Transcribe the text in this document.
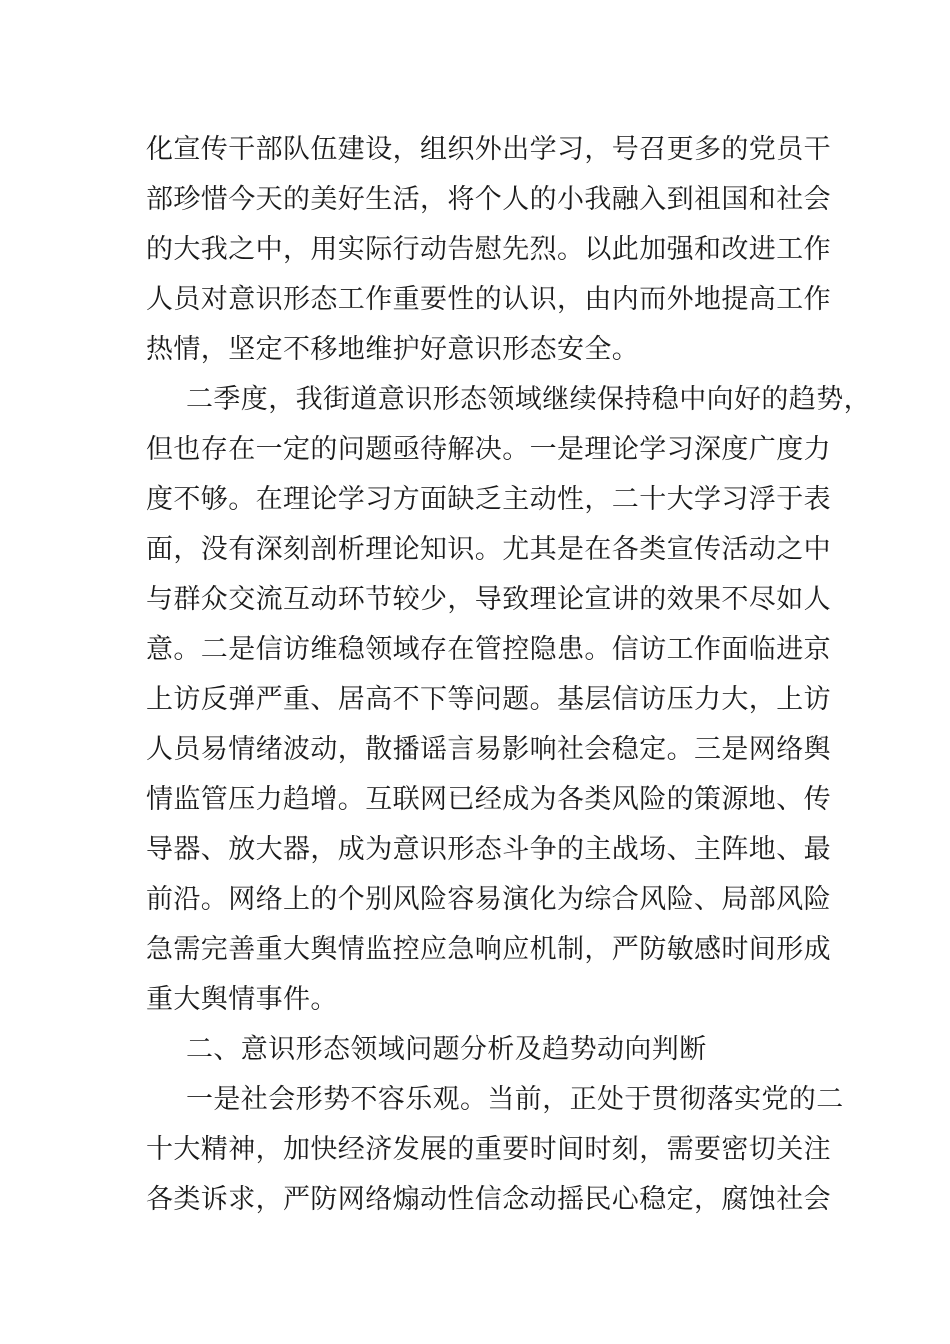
化宣传干部队伍建设，组织外出学习，号召更多的党员干
部珍惜今天的美好生活，将个人的小我融入到祖国和社会
的大我之中，用实际行动告慰先烈。以此加强和改进工作
人员对意识形态工作重要性的认识，由内而外地提高工作
热情，坚定不移地维护好意识形态安全。
二季度，我街道意识形态领域继续保持稳中向好的趋势，
但也存在一定的问题亟待解决。一是理论学习深度广度力
度不够。在理论学习方面缺乏主动性，二十大学习浮于表
面，没有深刻剖析理论知识。尤其是在各类宣传活动之中
与群众交流互动环节较少，导致理论宣讲的效果不尽如人
意。二是信访维稳领域存在管控隐患。信访工作面临进京
上访反弹严重、居高不下等问题。基层信访压力大，上访
人员易情绪波动，散播谣言易影响社会稳定。三是网络舆
情监管压力趋增。互联网已经成为各类风险的策源地、传
导器、放大器，成为意识形态斗争的主战场、主阵地、最
前沿。网络上的个别风险容易演化为综合风险、局部风险
急需完善重大舆情监控应急响应机制，严防敏感时间形成
重大舆情事件。
二、意识形态领域问题分析及趋势动向判断
一是社会形势不容乐观。当前，正处于贯彻落实党的二
十大精神，加快经济发展的重要时间时刻，需要密切关注
各类诉求，严防网络煽动性信念动摇民心稳定，腐蚀社会
